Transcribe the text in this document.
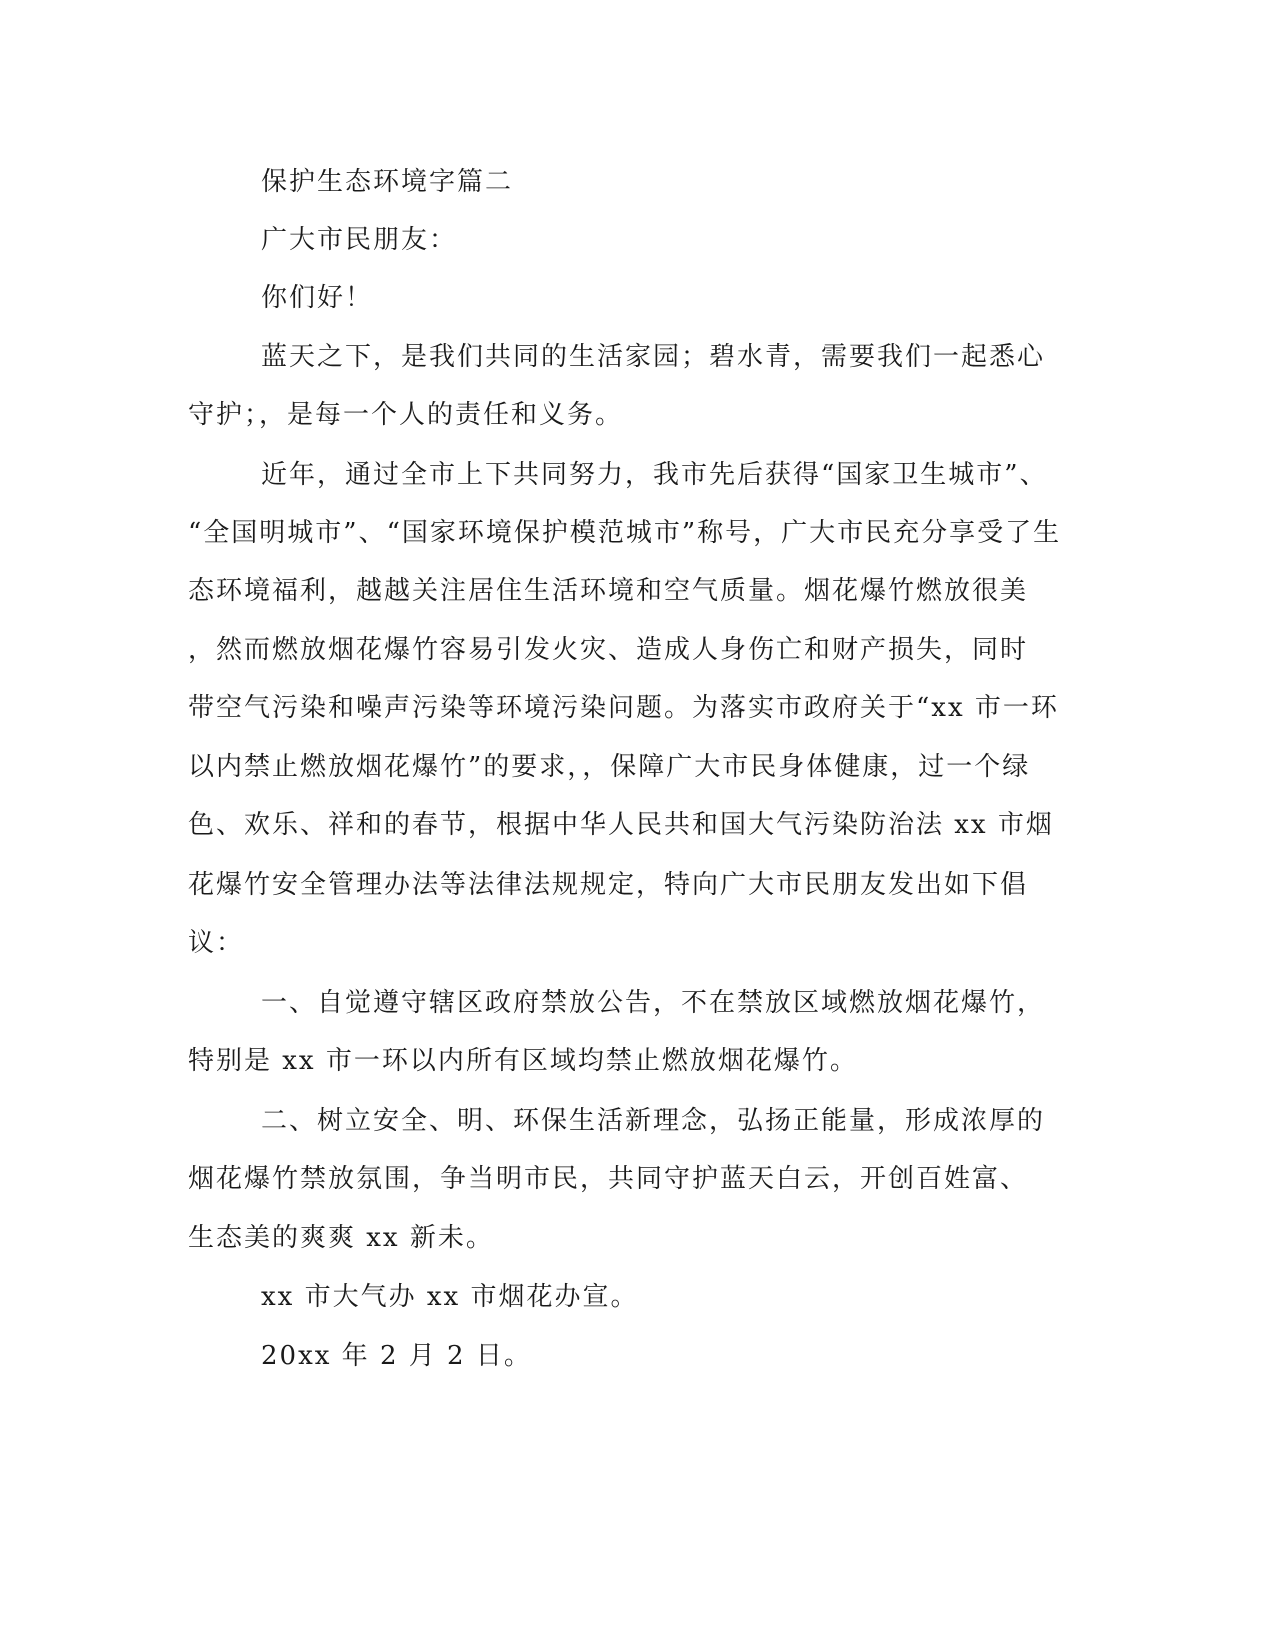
保护生态环境字篇二
广大市民朋友：
你们好！
蓝天之下，是我们共同的生活家园；碧水青，需要我们一起悉心
守护；，是每一个人的责任和义务。
近年，通过全市上下共同努力，我市先后获得“国家卫生城市”、
“全国明城市”、“国家环境保护模范城市”称号，广大市民充分享受了生
态环境福利，越越关注居住生活环境和空气质量。烟花爆竹燃放很美
，然而燃放烟花爆竹容易引发火灾、造成人身伤亡和财产损失，同时
带空气污染和噪声污染等环境污染问题。为落实市政府关于“xx 市一环
以内禁止燃放烟花爆竹”的要求，，保障广大市民身体健康，过一个绿
色、欢乐、祥和的春节，根据中华人民共和国大气污染防治法 xx 市烟
花爆竹安全管理办法等法律法规规定，特向广大市民朋友发出如下倡
议：
一、自觉遵守辖区政府禁放公告，不在禁放区域燃放烟花爆竹，
特别是 xx 市一环以内所有区域均禁止燃放烟花爆竹。
二、树立安全、明、环保生活新理念，弘扬正能量，形成浓厚的
烟花爆竹禁放氛围，争当明市民，共同守护蓝天白云，开创百姓富、
生态美的爽爽 xx 新未。
xx 市大气办 xx 市烟花办宣。
20xx 年 2 月 2 日。
